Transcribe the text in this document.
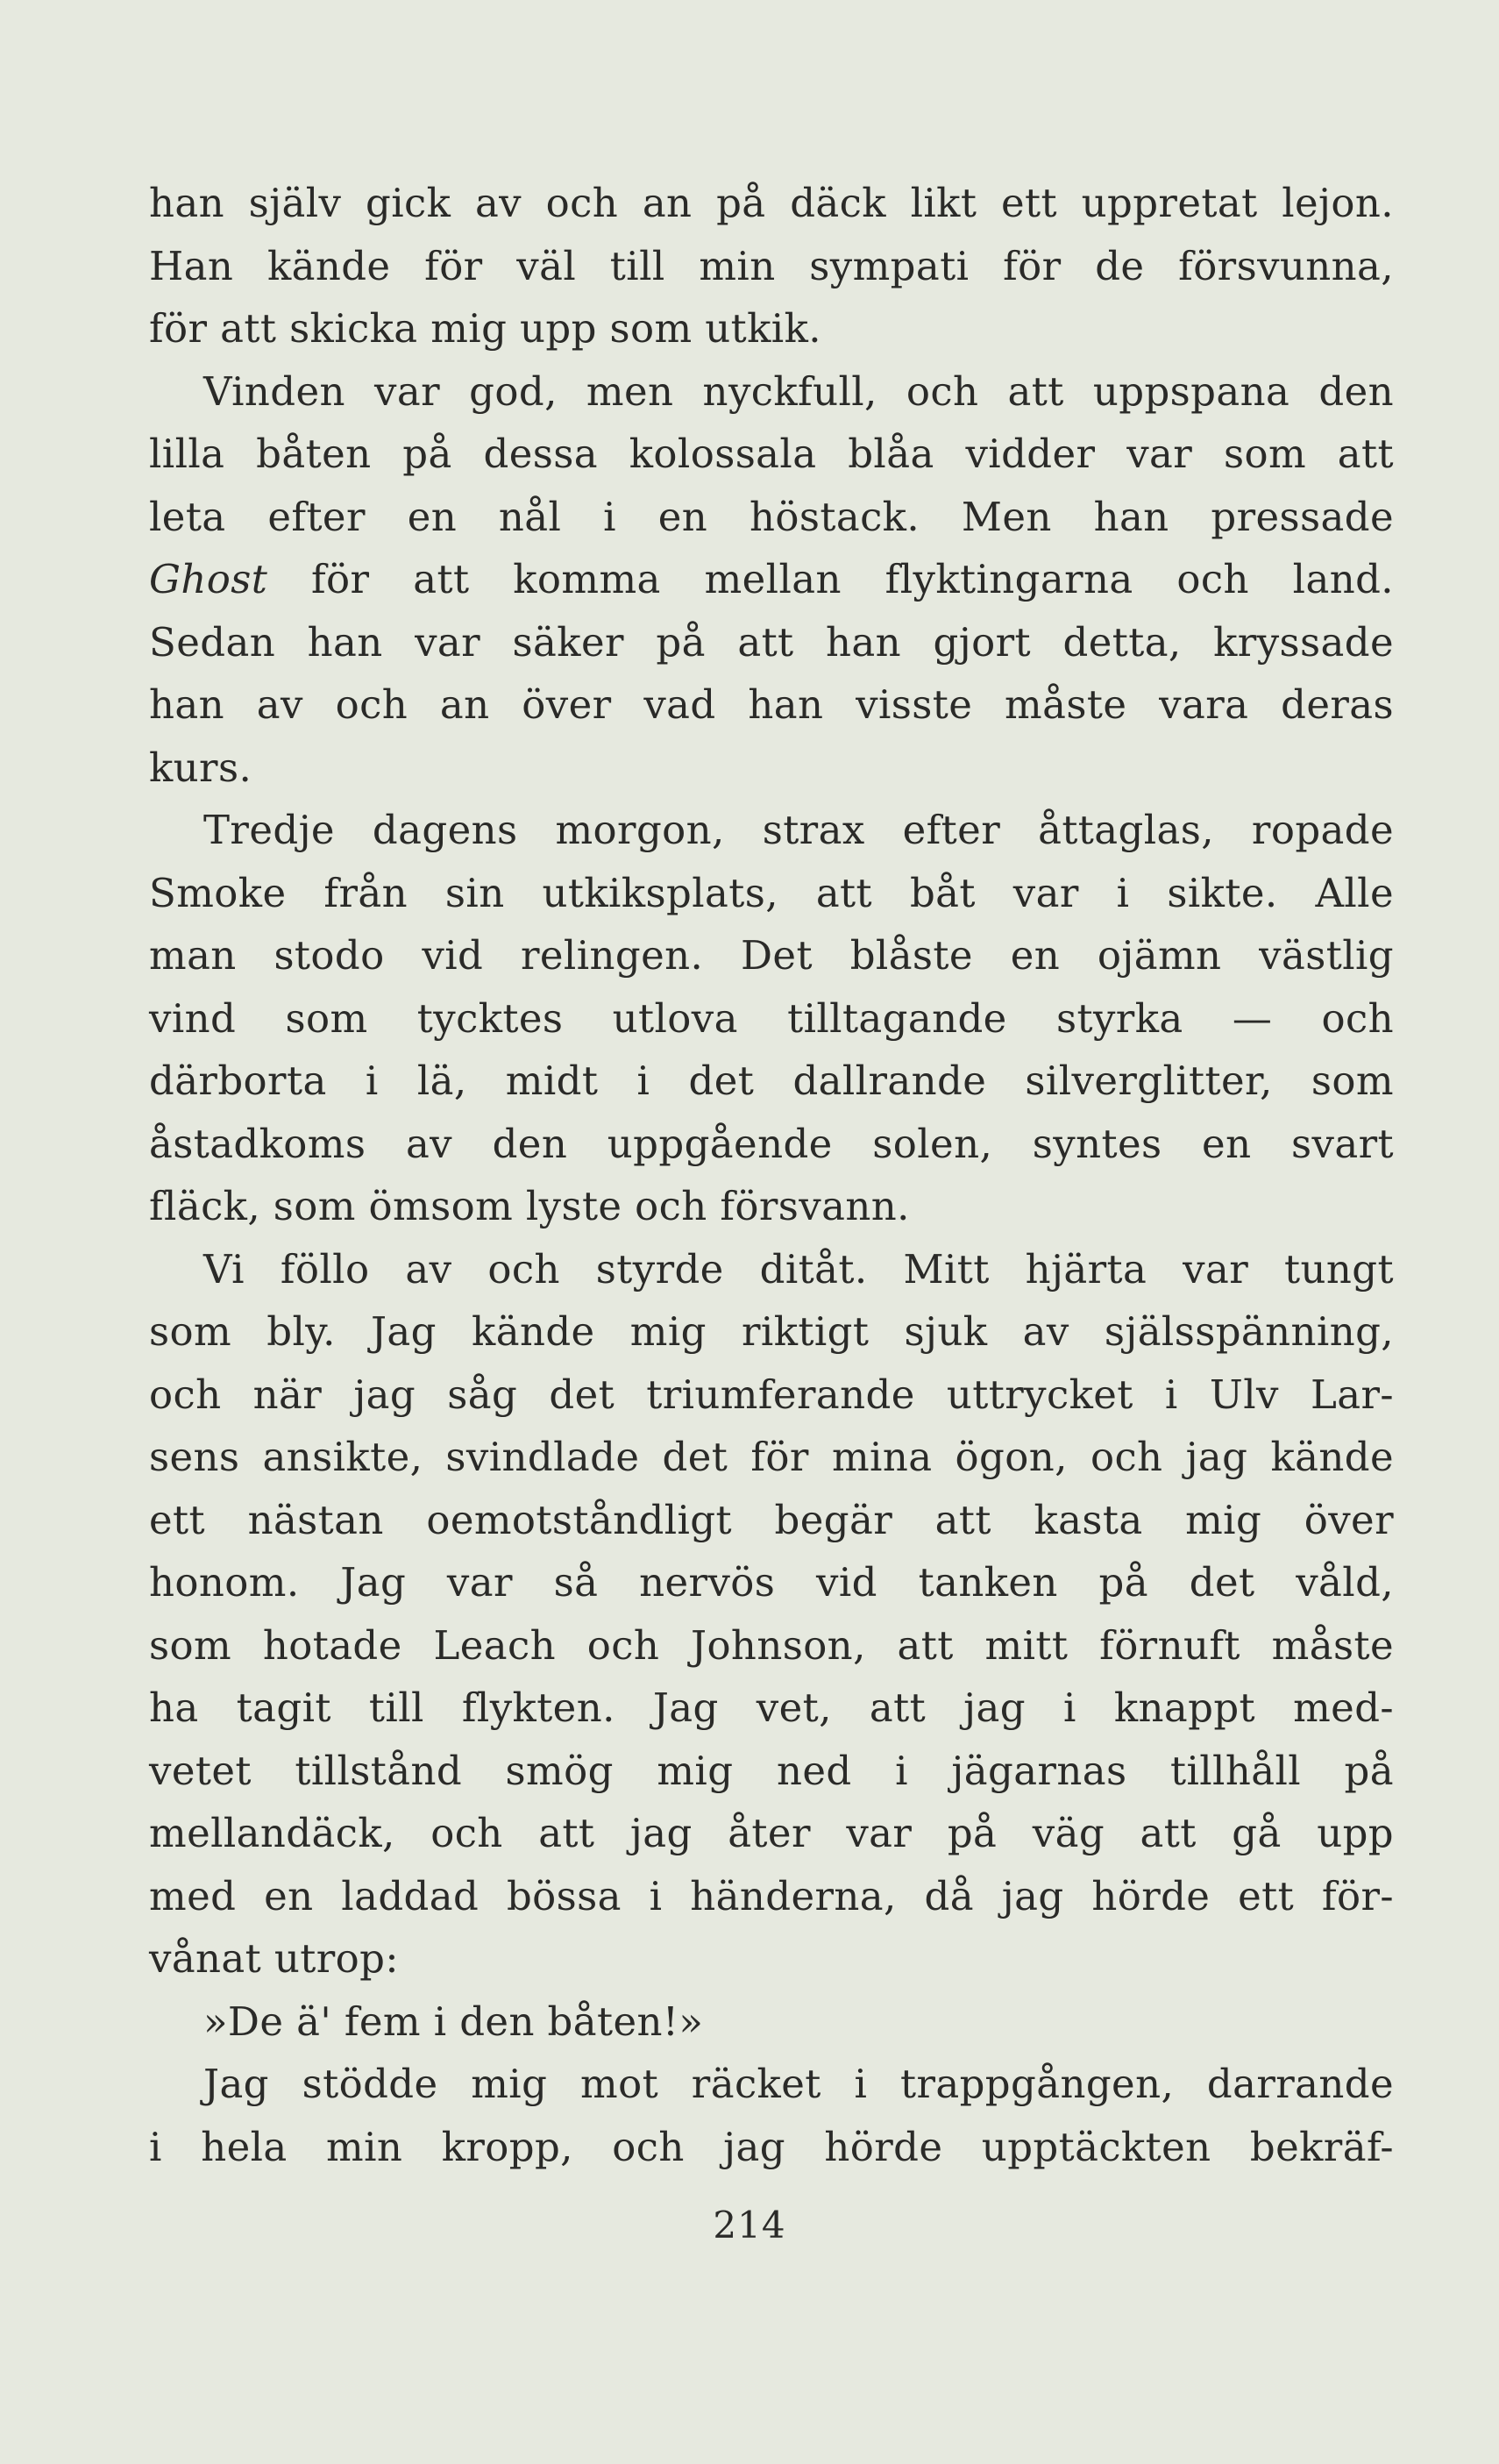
han själv gick av och an på däck likt ett uppretat lejon.
Han kände för väl till min sympati för de försvunna,
för att skicka mig upp som utkik.
Vinden var god, men nyckfull, och att uppspana den
lilla båten på dessa kolossala blåa vidder var som att
leta efter en nål i en höstack. Men han pressade
Ghost för att komma mellan flyktingarna och land.
Sedan han var säker på att han gjort detta, kryssade
han av och an över vad han visste måste vara deras
kurs.
Tredje dagens morgon, strax efter åttaglas, ropade
Smoke från sin utkiksplats, att båt var i sikte. Alle
man stodo vid relingen. Det blåste en ojämn västlig
vind som tycktes utlova tilltagande styrka — och
därborta i lä, midt i det dallrande silverglitter, som
åstadkoms av den uppgående solen, syntes en svart
fläck, som ömsom lyste och försvann.
Vi föllo av och styrde ditåt. Mitt hjärta var tungt
som bly. Jag kände mig riktigt sjuk av själsspänning,
och när jag såg det triumferande uttrycket i Ulv Lar-
sens ansikte, svindlade det för mina ögon, och jag kände
ett nästan oemotståndligt begär att kasta mig över
honom. Jag var så nervös vid tanken på det våld,
som hotade Leach och Johnson, att mitt förnuft måste
ha tagit till flykten. Jag vet, att jag i knappt med-
vetet tillstånd smög mig ned i jägarnas tillhåll på
mellandäck, och att jag åter var på väg att gå upp
med en laddad bössa i händerna, då jag hörde ett för-
vånat utrop:
»De ä' fem i den båten!»
Jag stödde mig mot räcket i trappgången, darrande
i hela min kropp, och jag hörde upptäckten bekräf-
214
